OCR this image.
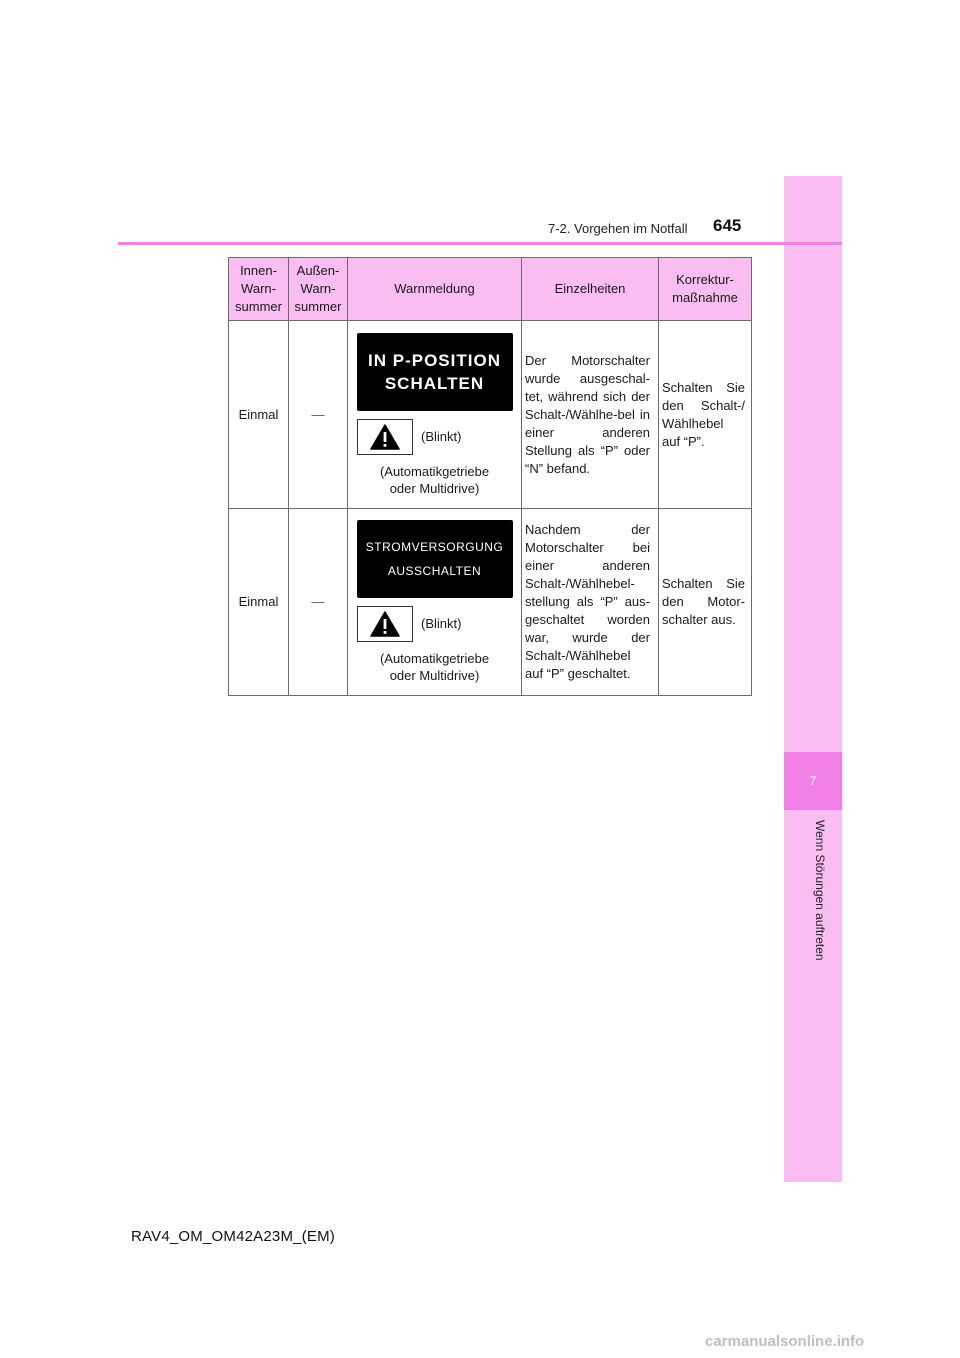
7
Wenn Störungen auftreten
7-2. Vorgehen im Notfall 645
Innen-
Warn-
summer	Außen-
Warn-
summer	Warnmeldung	Einzelheiten	Korrektur-
maßnahme
Einmal	—	IN P-POSITION
SCHALTEN
(Blinkt)
(Automatikgetriebe
oder Multidrive)	Der Motorschalter wurde ausgeschal-tet, während sich der Schalt-/Wählhe-bel in einer anderen Stellung als “P” oder “N” befand.	Schalten Sie den Schalt-/ Wählhebel auf “P”.
Einmal	—	STROMVERSORGUNG
AUSSCHALTEN
(Blinkt)
(Automatikgetriebe
oder Multidrive)	Nachdem der Motorschalter bei einer anderen Schalt-/Wählhebel-stellung als “P” aus-geschaltet worden war, wurde der Schalt-/Wählhebel auf “P” geschaltet.	Schalten Sie den Motor-schalter aus.
RAV4_OM_OM42A23M_(EM)
carmanualsonline.info
